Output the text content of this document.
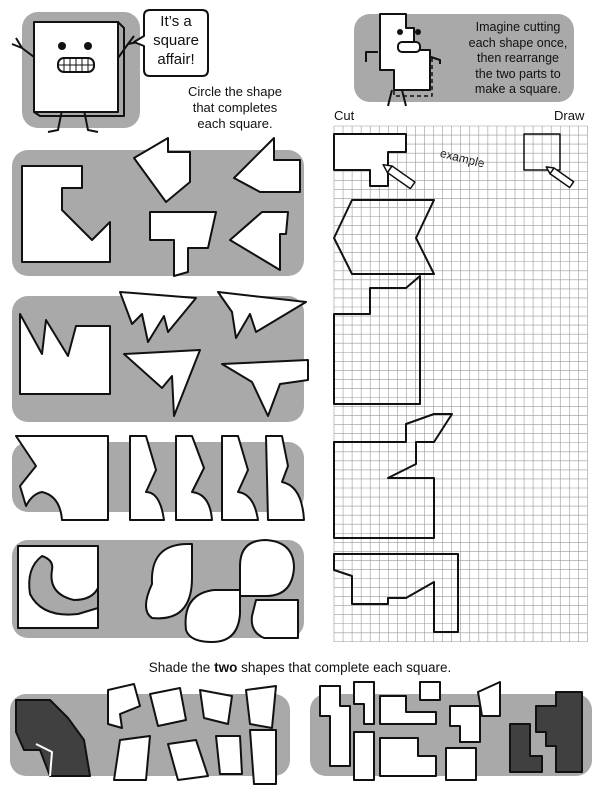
It’s a
square
affair!
Circle the shape
that completes
each square.
Imagine cutting
each shape once,
then rearrange
the two parts to
make a square.
Cut	Draw
example
Shade the two shapes that complete each square.
